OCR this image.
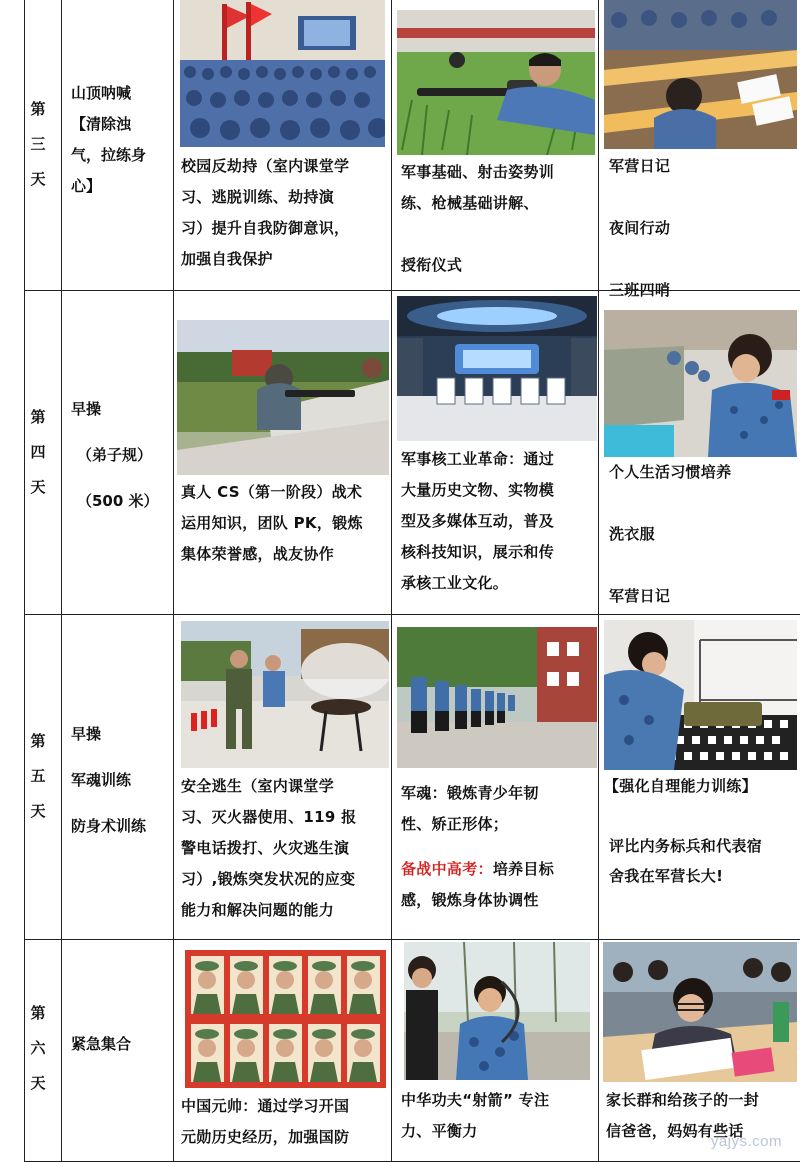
第
三
天
山顶呐喊
【清除浊
气，拉练身
心】

校园反劫持（室内课堂学

习、逃脱训练、劫持演

习）提升自我防御意识，

加强自我保护

军事基础、射击姿势训

练、枪械基础讲解、

授衔仪式

军营日记

夜间行动

三班四哨

第
四
天
早操
（弟子规）
（500 米） 真人 CS（第一阶段）战术

运用知识，团队 PK，锻炼

集体荣誉感，战友协作

军事核工业革命：通过

大量历史文物、实物模

型及多媒体互动，普及

核科技知识，展示和传

承核工业文化。

个人生活习惯培养

洗衣服

军营日记

第
五
天
早操
军魂训练
防身术训练

安全逃生（室内课堂学

习、灭火器使用、119 报

警电话拨打、火灾逃生演

习）,锻炼突发状况的应变

能力和解决问题的能力

军魂：锻炼青少年韧

性、矫正形体；

备战中高考：培养目标

感，锻炼身体协调性

【强化自理能力训练】

评比内务标兵和代表宿

舍我在军营长大!

第
六
天
紧急集合

中国元帅：通过学习开国

元勋历史经历，加强国防

中华功夫“射箭” 专注

力、平衡力

家长群和给孩子的一封

信爸爸，妈妈有些话

yajys.com
